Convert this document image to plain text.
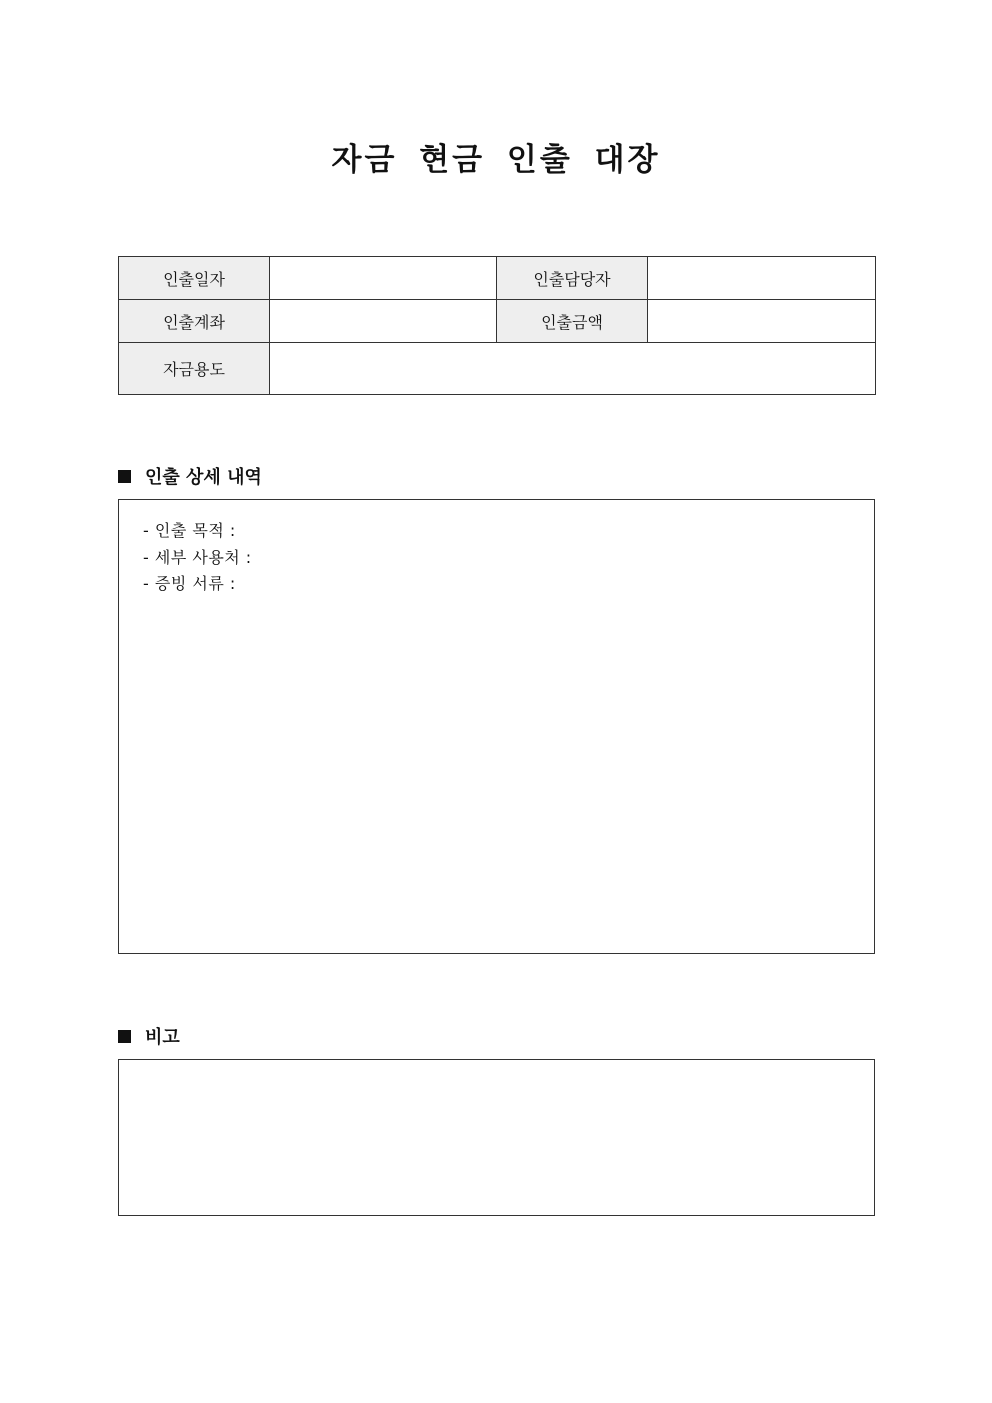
자금 현금 인출 대장
인출일자		인출담당자	
인출계좌		인출금액	
자금용도			
인출 상세 내역
- 인출 목적 :
- 세부 사용처 :
- 증빙 서류 :
비고
